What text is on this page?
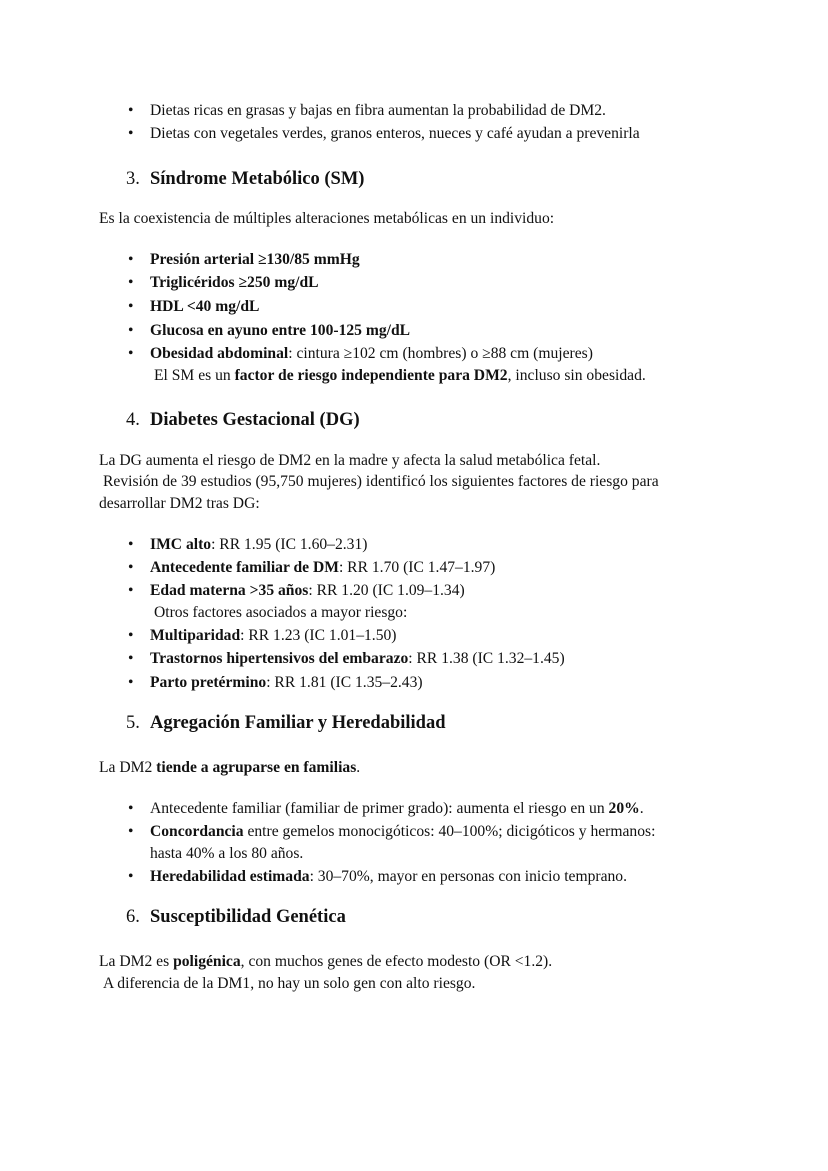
Dietas ricas en grasas y bajas en fibra aumentan la probabilidad de DM2.
Dietas con vegetales verdes, granos enteros, nueces y café ayudan a prevenirla
3. Síndrome Metabólico (SM)
Es la coexistencia de múltiples alteraciones metabólicas en un individuo:
Presión arterial ≥130/85 mmHg
Triglicéridos ≥250 mg/dL
HDL <40 mg/dL
Glucosa en ayuno entre 100-125 mg/dL
Obesidad abdominal: cintura ≥102 cm (hombres) o ≥88 cm (mujeres)
El SM es un factor de riesgo independiente para DM2, incluso sin obesidad.
4. Diabetes Gestacional (DG)
La DG aumenta el riesgo de DM2 en la madre y afecta la salud metabólica fetal.
Revisión de 39 estudios (95,750 mujeres) identificó los siguientes factores de riesgo para
desarrollar DM2 tras DG:
IMC alto: RR 1.95 (IC 1.60–2.31)
Antecedente familiar de DM: RR 1.70 (IC 1.47–1.97)
Edad materna >35 años: RR 1.20 (IC 1.09–1.34)
Otros factores asociados a mayor riesgo:
Multiparidad: RR 1.23 (IC 1.01–1.50)
Trastornos hipertensivos del embarazo: RR 1.38 (IC 1.32–1.45)
Parto pretérmino: RR 1.81 (IC 1.35–2.43)
5. Agregación Familiar y Heredabilidad
La DM2 tiende a agruparse en familias.
Antecedente familiar (familiar de primer grado): aumenta el riesgo en un 20%.
Concordancia entre gemelos monocigóticos: 40–100%; dicigóticos y hermanos:
hasta 40% a los 80 años.
Heredabilidad estimada: 30–70%, mayor en personas con inicio temprano.
6. Susceptibilidad Genética
La DM2 es poligénica, con muchos genes de efecto modesto (OR <1.2).
A diferencia de la DM1, no hay un solo gen con alto riesgo.
